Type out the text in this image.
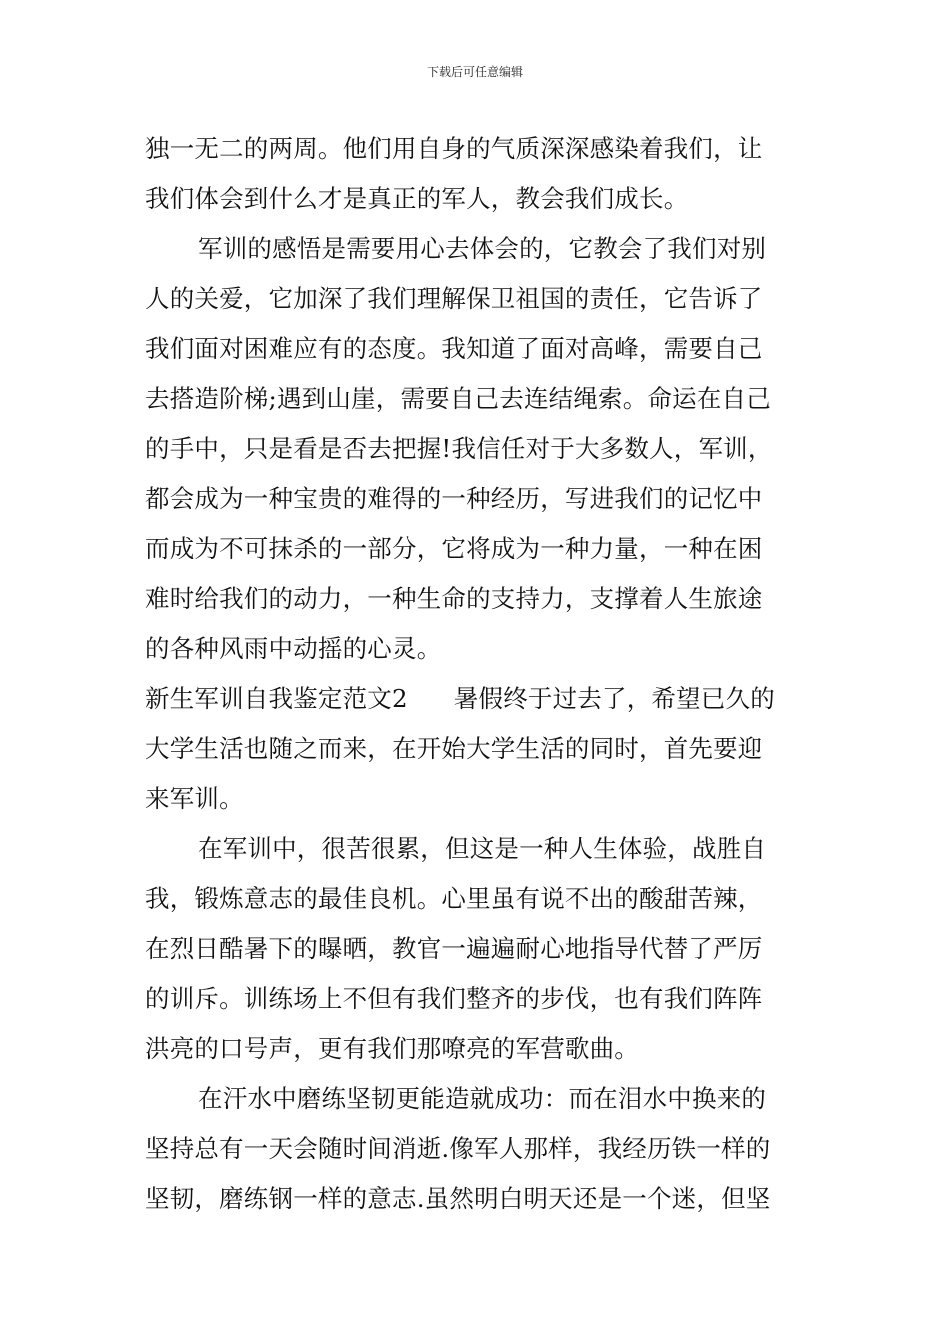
下载后可任意编辑
独一无二的两周。他们用自身的气质深深感染着我们，让
我们体会到什么才是真正的军人，教会我们成长。
军训的感悟是需要用心去体会的，它教会了我们对别
人的关爱，它加深了我们理解保卫祖国的责任，它告诉了
我们面对困难应有的态度。我知道了面对高峰，需要自己
去搭造阶梯;遇到山崖，需要自己去连结绳索。命运在自己
的手中，只是看是否去把握!我信任对于大多数人，军训，
都会成为一种宝贵的难得的一种经历，写进我们的记忆中
而成为不可抹杀的一部分，它将成为一种力量，一种在困
难时给我们的动力，一种生命的支持力，支撑着人生旅途
的各种风雨中动摇的心灵。
新生军训自我鉴定范文2 暑假终于过去了，希望已久的
大学生活也随之而来，在开始大学生活的同时，首先要迎
来军训。
在军训中，很苦很累，但这是一种人生体验，战胜自
我，锻炼意志的最佳良机。心里虽有说不出的酸甜苦辣，
在烈日酷暑下的曝晒，教官一遍遍耐心地指导代替了严厉
的训斥。训练场上不但有我们整齐的步伐，也有我们阵阵
洪亮的口号声，更有我们那嘹亮的军营歌曲。
在汗水中磨练坚韧更能造就成功：而在泪水中换来的
坚持总有一天会随时间消逝.像军人那样，我经历铁一样的
坚韧，磨练钢一样的意志.虽然明白明天还是一个迷，但坚
